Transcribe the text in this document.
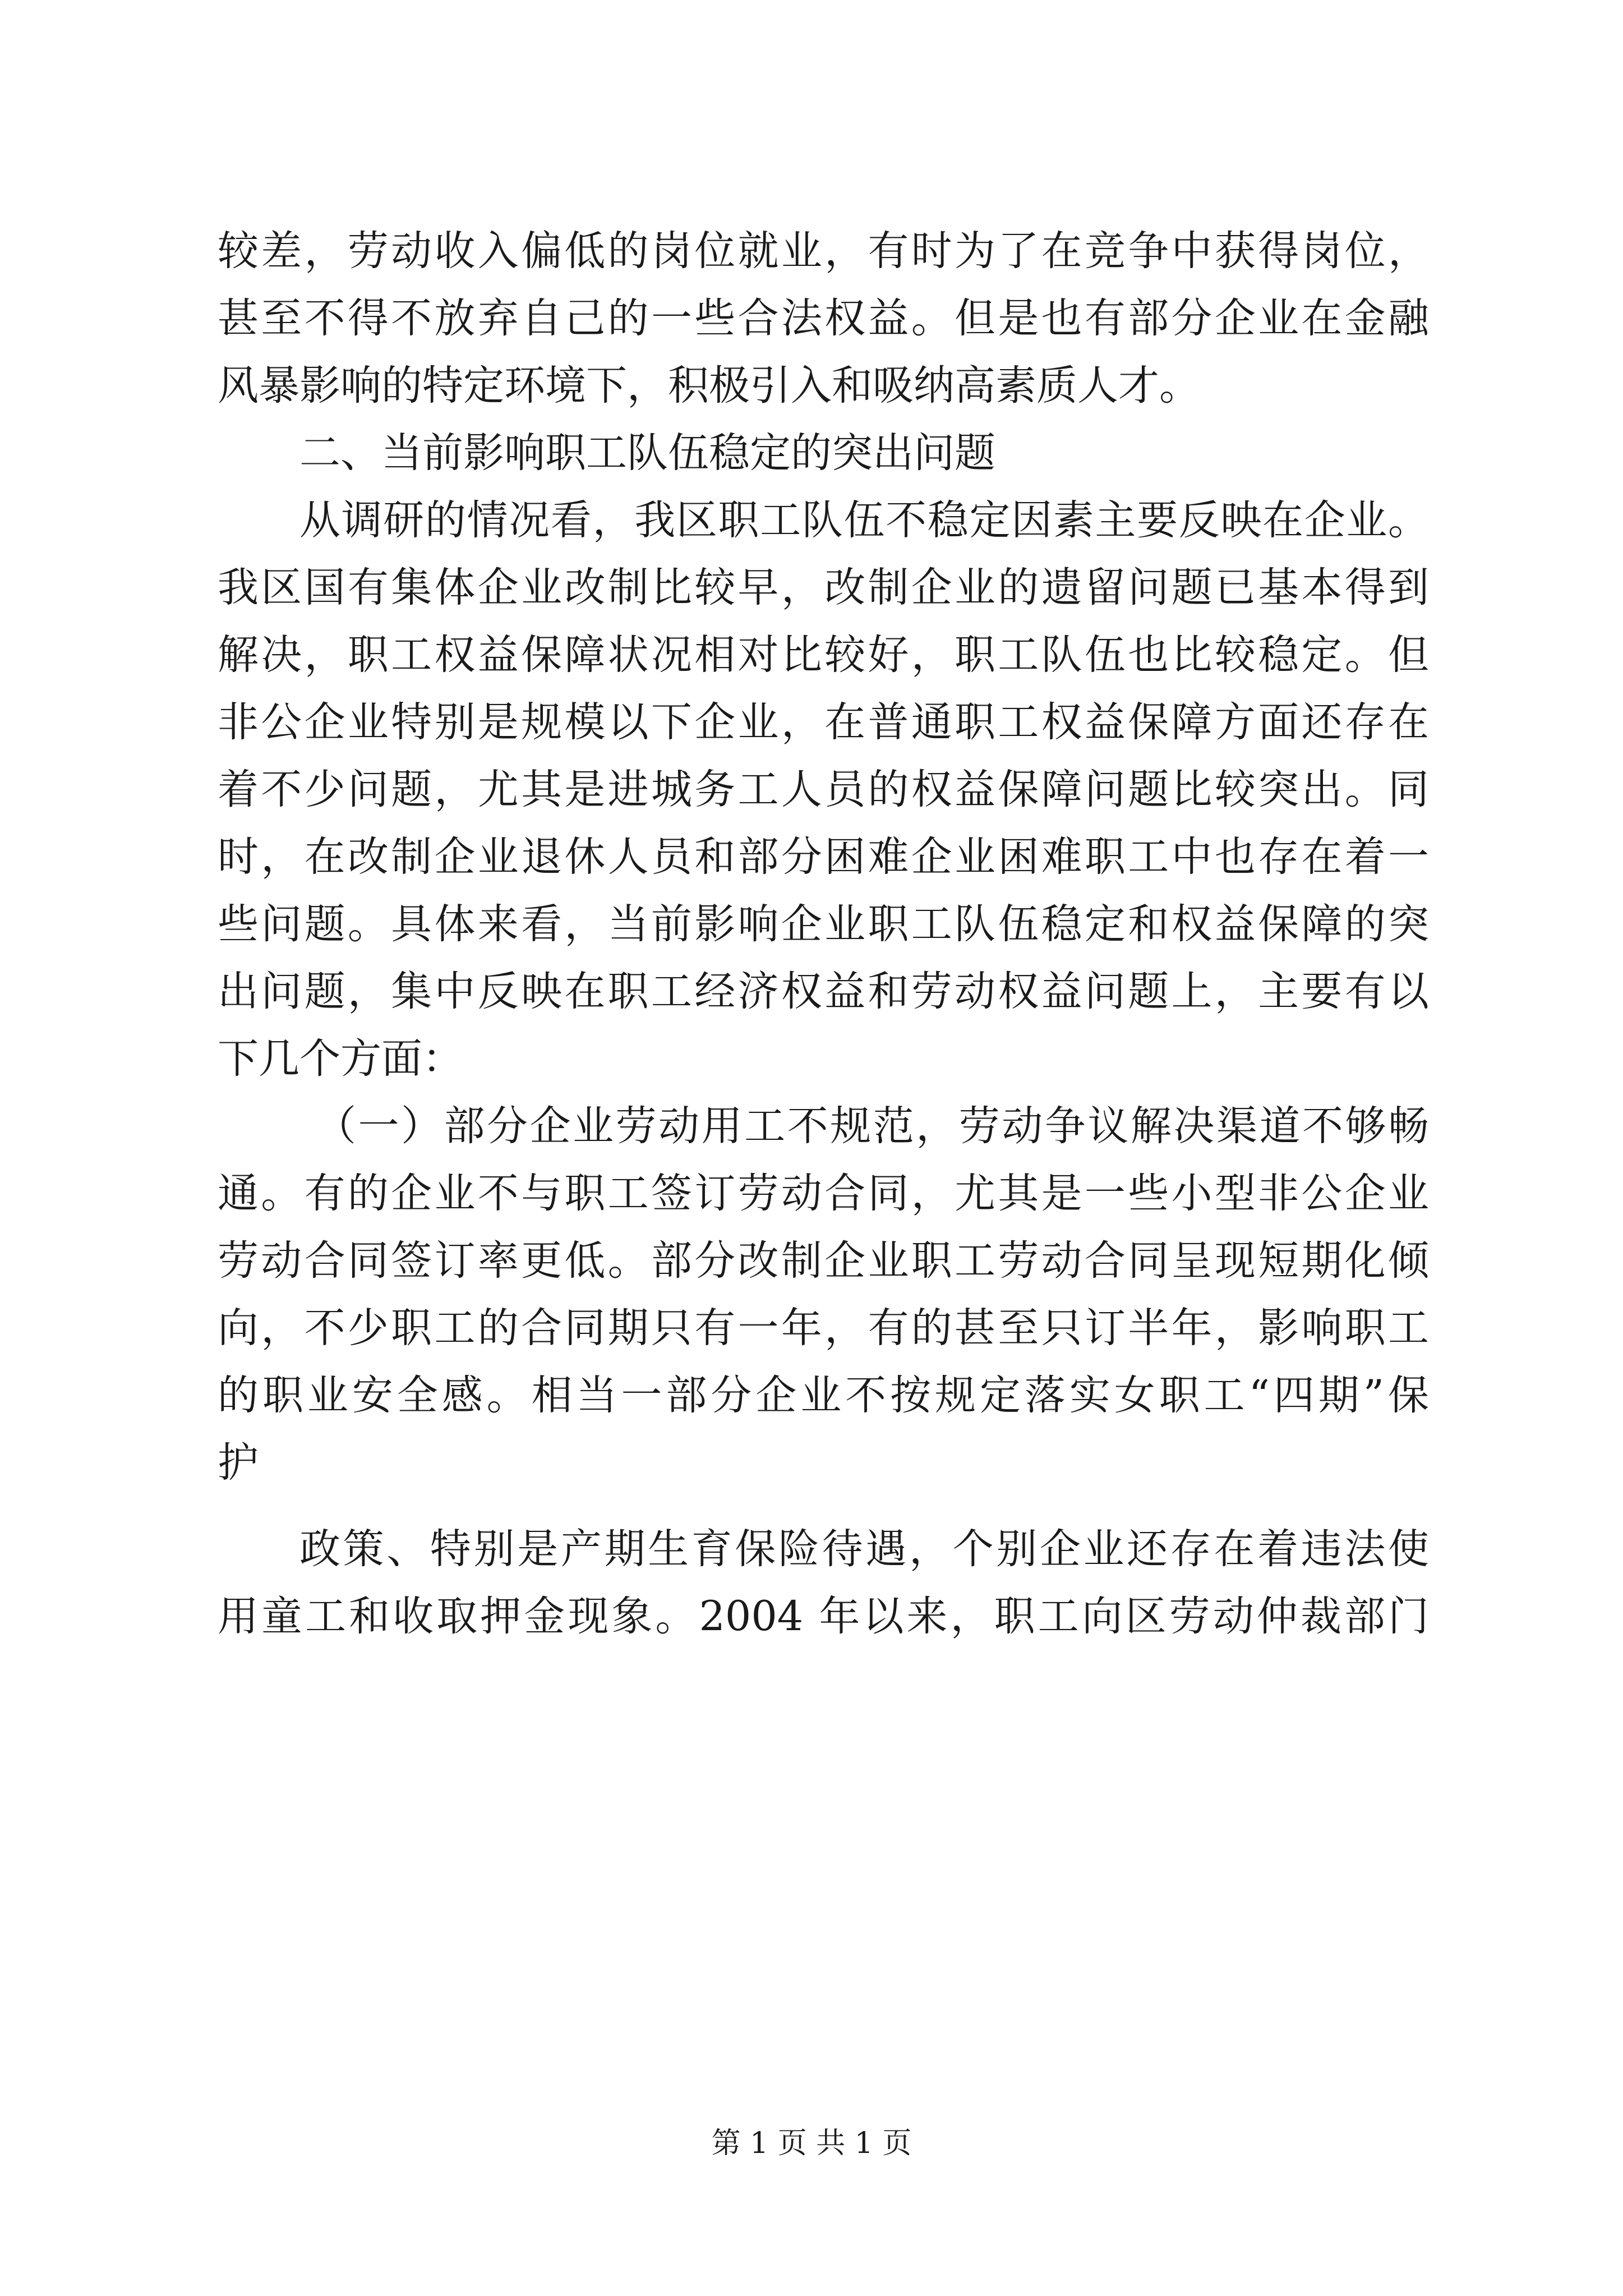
较差，劳动收入偏低的岗位就业，有时为了在竞争中获得岗位，
甚至不得不放弃自己的一些合法权益。但是也有部分企业在金融
风暴影响的特定环境下，积极引入和吸纳高素质人才。
二、当前影响职工队伍稳定的突出问题
从调研的情况看，我区职工队伍不稳定因素主要反映在企业。
我区国有集体企业改制比较早，改制企业的遗留问题已基本得到
解决，职工权益保障状况相对比较好，职工队伍也比较稳定。但
非公企业特别是规模以下企业，在普通职工权益保障方面还存在
着不少问题，尤其是进城务工人员的权益保障问题比较突出。同
时，在改制企业退休人员和部分困难企业困难职工中也存在着一
些问题。具体来看，当前影响企业职工队伍稳定和权益保障的突
出问题，集中反映在职工经济权益和劳动权益问题上，主要有以
下几个方面：
（一）部分企业劳动用工不规范，劳动争议解决渠道不够畅
通。有的企业不与职工签订劳动合同，尤其是一些小型非公企业
劳动合同签订率更低。部分改制企业职工劳动合同呈现短期化倾
向，不少职工的合同期只有一年，有的甚至只订半年，影响职工
的职业安全感。相当一部分企业不按规定落实女职工“四期”保
护
政策、特别是产期生育保险待遇，个别企业还存在着违法使
用童工和收取押金现象。2004 年以来，职工向区劳动仲裁部门
第 1 页 共 1 页
